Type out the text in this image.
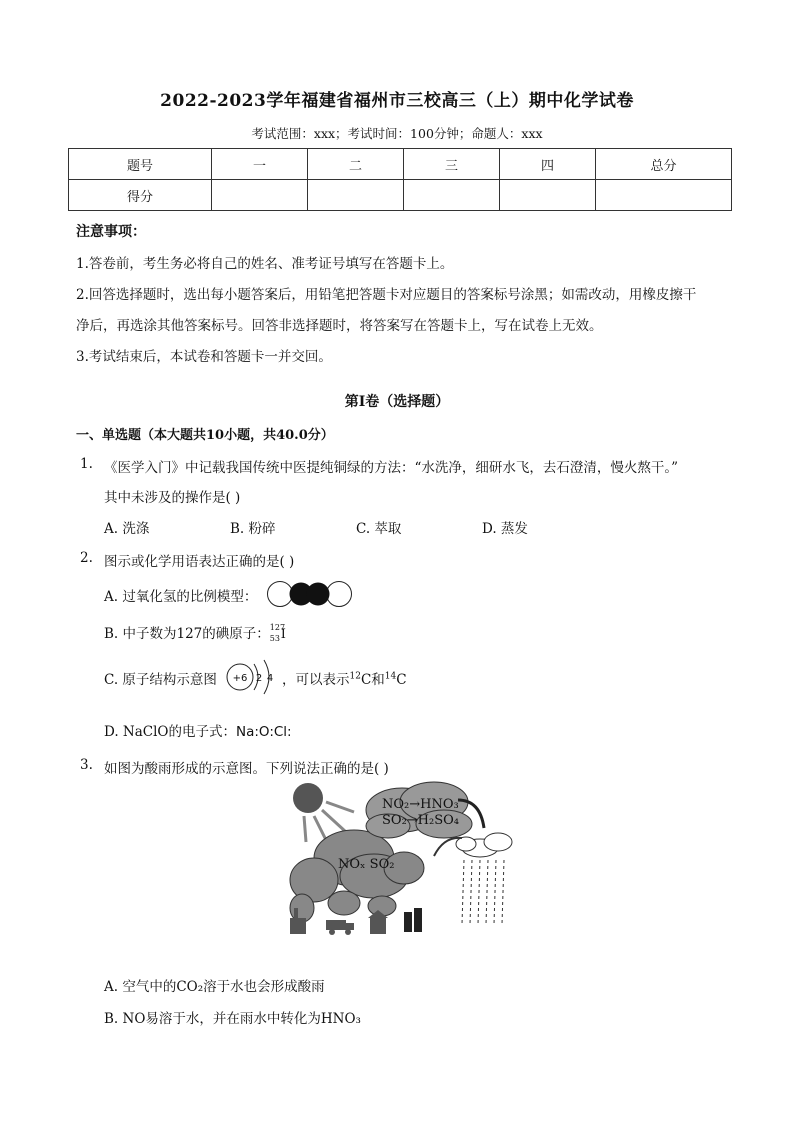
2022-2023学年福建省福州市三校高三（上）期中化学试卷
考试范围：xxx；考试时间：100分钟；命题人：xxx
题号	一	二	三	四	总分
得分					
注意事项：
1.答卷前，考生务必将自己的姓名、准考证号填写在答题卡上。
2.回答选择题时，选出每小题答案后，用铅笔把答题卡对应题目的答案标号涂黑；如需改动，用橡皮擦干
净后，再选涂其他答案标号。回答非选择题时，将答案写在答题卡上，写在试卷上无效。
3.考试结束后，本试卷和答题卡一并交回。
第Ⅰ卷（选择题）
一、单选题（本大题共10小题，共40.0分）
1. 《医学入门》中记载我国传统中医提纯铜绿的方法：“水洗净，细研水飞，去石澄清，慢火熬干。”
其中未涉及的操作是( )
A. 洗涤	B. 粉碎	C. 萃取	D. 蒸发
2. 图示或化学用语表达正确的是( )
A. 过氧化氢的比例模型：
B. 中子数为127的碘原子： 127
53 I
C. 原子结构示意图 +6 2 4 ，可以表示$^{12}$C和$^{14}$C
D. NaClO的电子式：Na:O:Cl:
3. 如图为酸雨形成的示意图。下列说法正确的是( )
NO₂→HNO₃
SO₂→H₂SO₄
NOₓ SO₂
A. 空气中的CO₂溶于水也会形成酸雨
B. NO易溶于水，并在雨水中转化为HNO₃
